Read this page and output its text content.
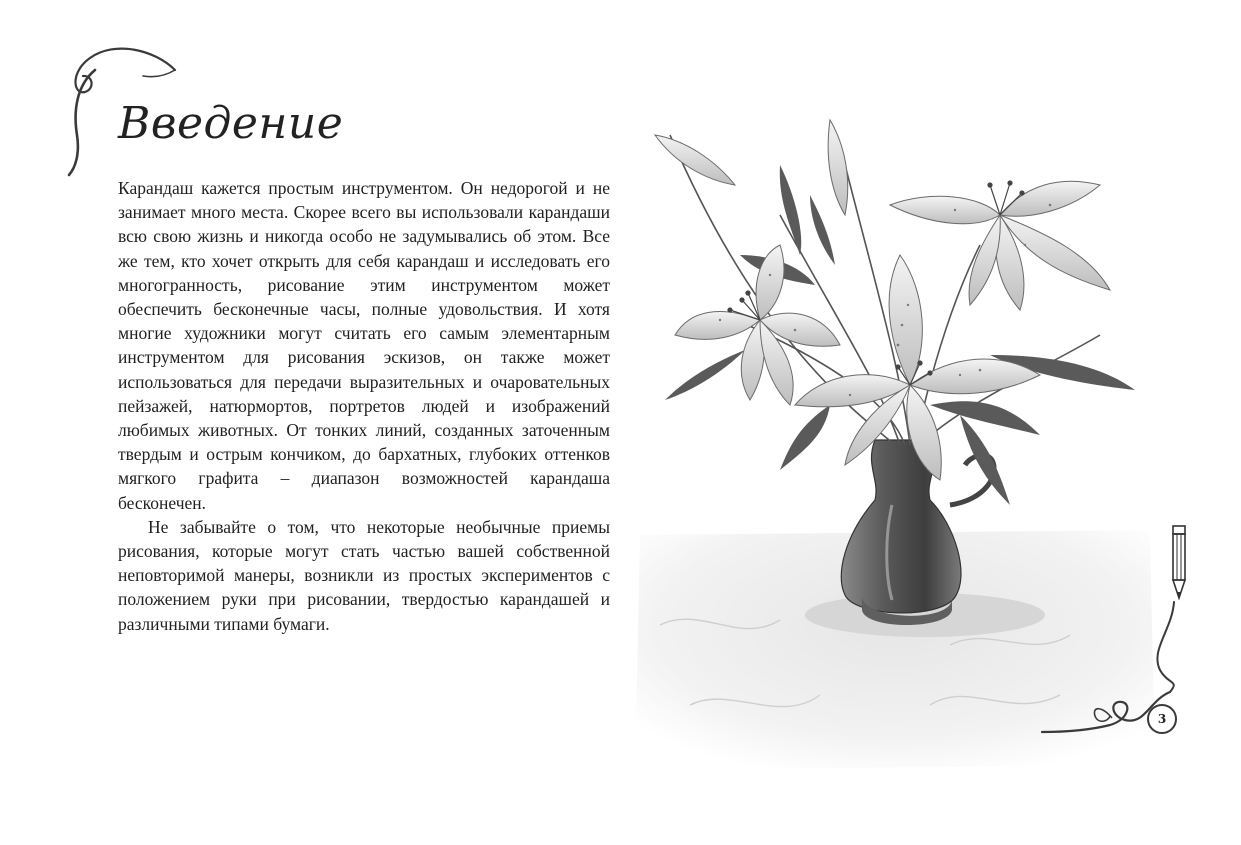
Введение

Карандаш кажется простым инструментом. Он недорогой и не занимает много места. Скорее всего вы использовали карандаши всю свою жизнь и никогда особо не задумывались об этом. Все же тем, кто хочет открыть для себя карандаш и исследовать его многогранность, рисование этим инструментом может обеспечить бесконечные часы, полные удовольствия. И хотя многие художники могут считать его самым элементарным инструментом для рисования эскизов, он также может использоваться для передачи выразительных и очаровательных пейзажей, натюрмортов, портретов людей и изображений любимых животных. От тонких линий, созданных заточенным твердым и острым кончиком, до бархатных, глубоких оттенков мягкого графита – диапазон возможностей карандаша бесконечен.

Не забывайте о том, что некоторые необычные приемы рисования, которые могут стать частью вашей собственной неповторимой манеры, возникли из простых экспериментов с положением руки при рисовании, твердостью карандашей и различными типами бумаги.

3
